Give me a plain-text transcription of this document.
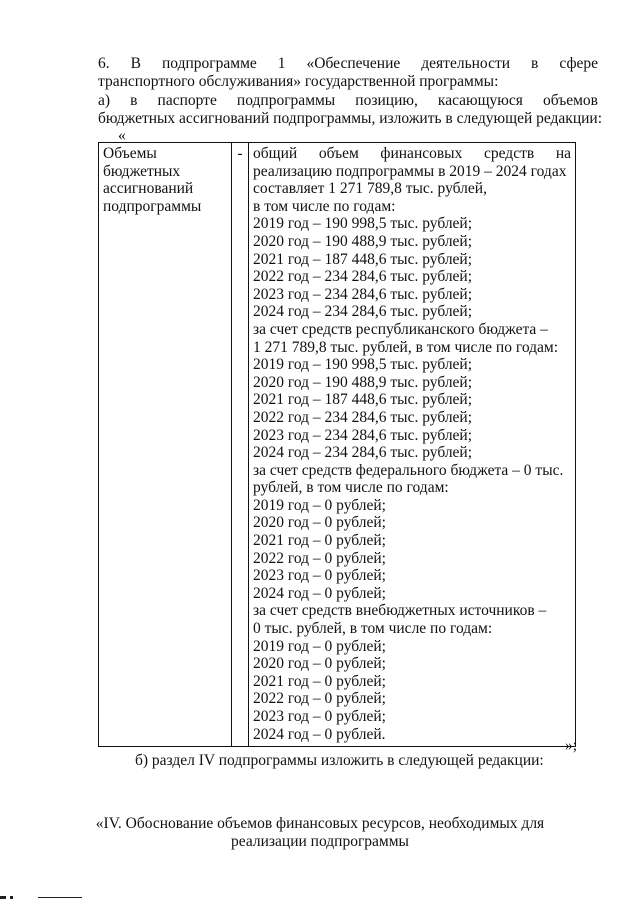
6.  В  подпрограмме  1  «Обеспечение  деятельности  в  сфере
транспортного обслуживания» государственной программы:
а)  в  паспорте  подпрограммы  позицию,  касающуюся  объемов
бюджетных ассигнований подпрограммы, изложить в следующей редакции:
«
Объемы
бюджетных
ассигнований
подпрограммы
	-	общий  объем  финансовых  средств  на
реализацию подпрограммы в 2019 – 2024 годах
составляет 1 271 789,8 тыс. рублей,
в том числе по годам:
2019 год – 190 998,5 тыс. рублей;
2020 год – 190 488,9 тыс. рублей;
2021 год – 187 448,6 тыс. рублей;
2022 год – 234 284,6 тыс. рублей;
2023 год – 234 284,6 тыс. рублей;
2024 год – 234 284,6 тыс. рублей;
за счет средств республиканского бюджета –
1 271 789,8 тыс. рублей, в том числе по годам:
2019 год – 190 998,5 тыс. рублей;
2020 год – 190 488,9 тыс. рублей;
2021 год – 187 448,6 тыс. рублей;
2022 год – 234 284,6 тыс. рублей;
2023 год – 234 284,6 тыс. рублей;
2024 год – 234 284,6 тыс. рублей;
за счет средств федерального бюджета – 0 тыс.
рублей, в том числе по годам:
2019 год – 0 рублей;
2020 год – 0 рублей;
2021 год – 0 рублей;
2022 год – 0 рублей;
2023 год – 0 рублей;
2024 год – 0 рублей;
за счет средств внебюджетных источников –
0 тыс. рублей, в том числе по годам:
2019 год – 0 рублей;
2020 год – 0 рублей;
2021 год – 0 рублей;
2022 год – 0 рублей;
2023 год – 0 рублей;
2024 год – 0 рублей.
»;
б) раздел IV подпрограммы изложить в следующей редакции:
«IV. Обоснование объемов финансовых ресурсов, необходимых для
реализации подпрограммы
